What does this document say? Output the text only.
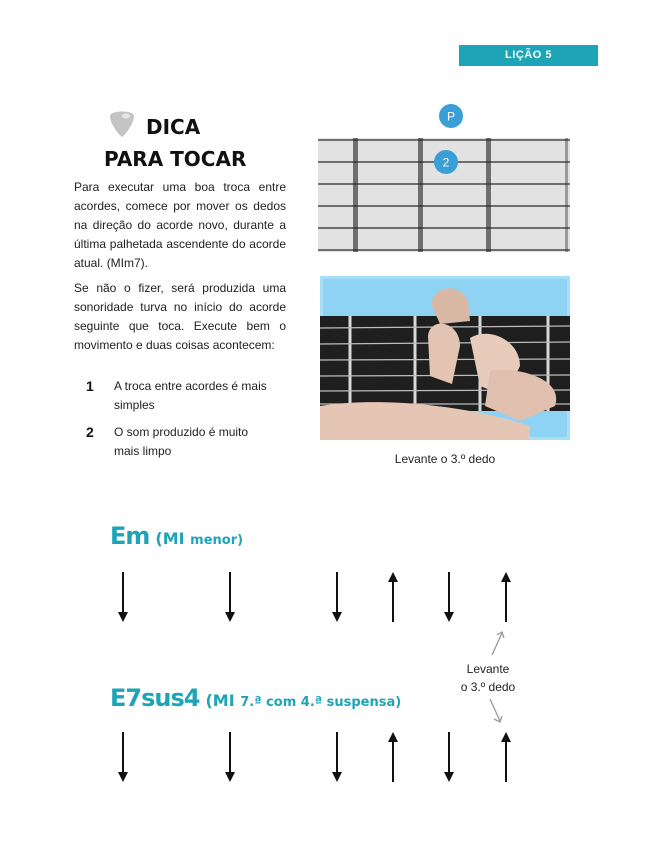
LIÇÃO 5
DICA
PARA TOCAR

Para executar uma boa troca entre acordes, comece por mover os dedos na direção do acorde novo, durante a última palhetada ascendente do acorde atual. (MIm7).

Se não o fizer, será produzida uma sonoridade turva no início do acorde seguinte que toca. Execute bem o movimento e duas coisas acontecem:

1	A troca entre acordes é mais simples
2	O som produzido é muito mais limpo
P
2
Levante o 3.º dedo
Em (MI menor)
E7sus4 (MI 7.ª com 4.ª suspensa)
Levante
o 3.º dedo
